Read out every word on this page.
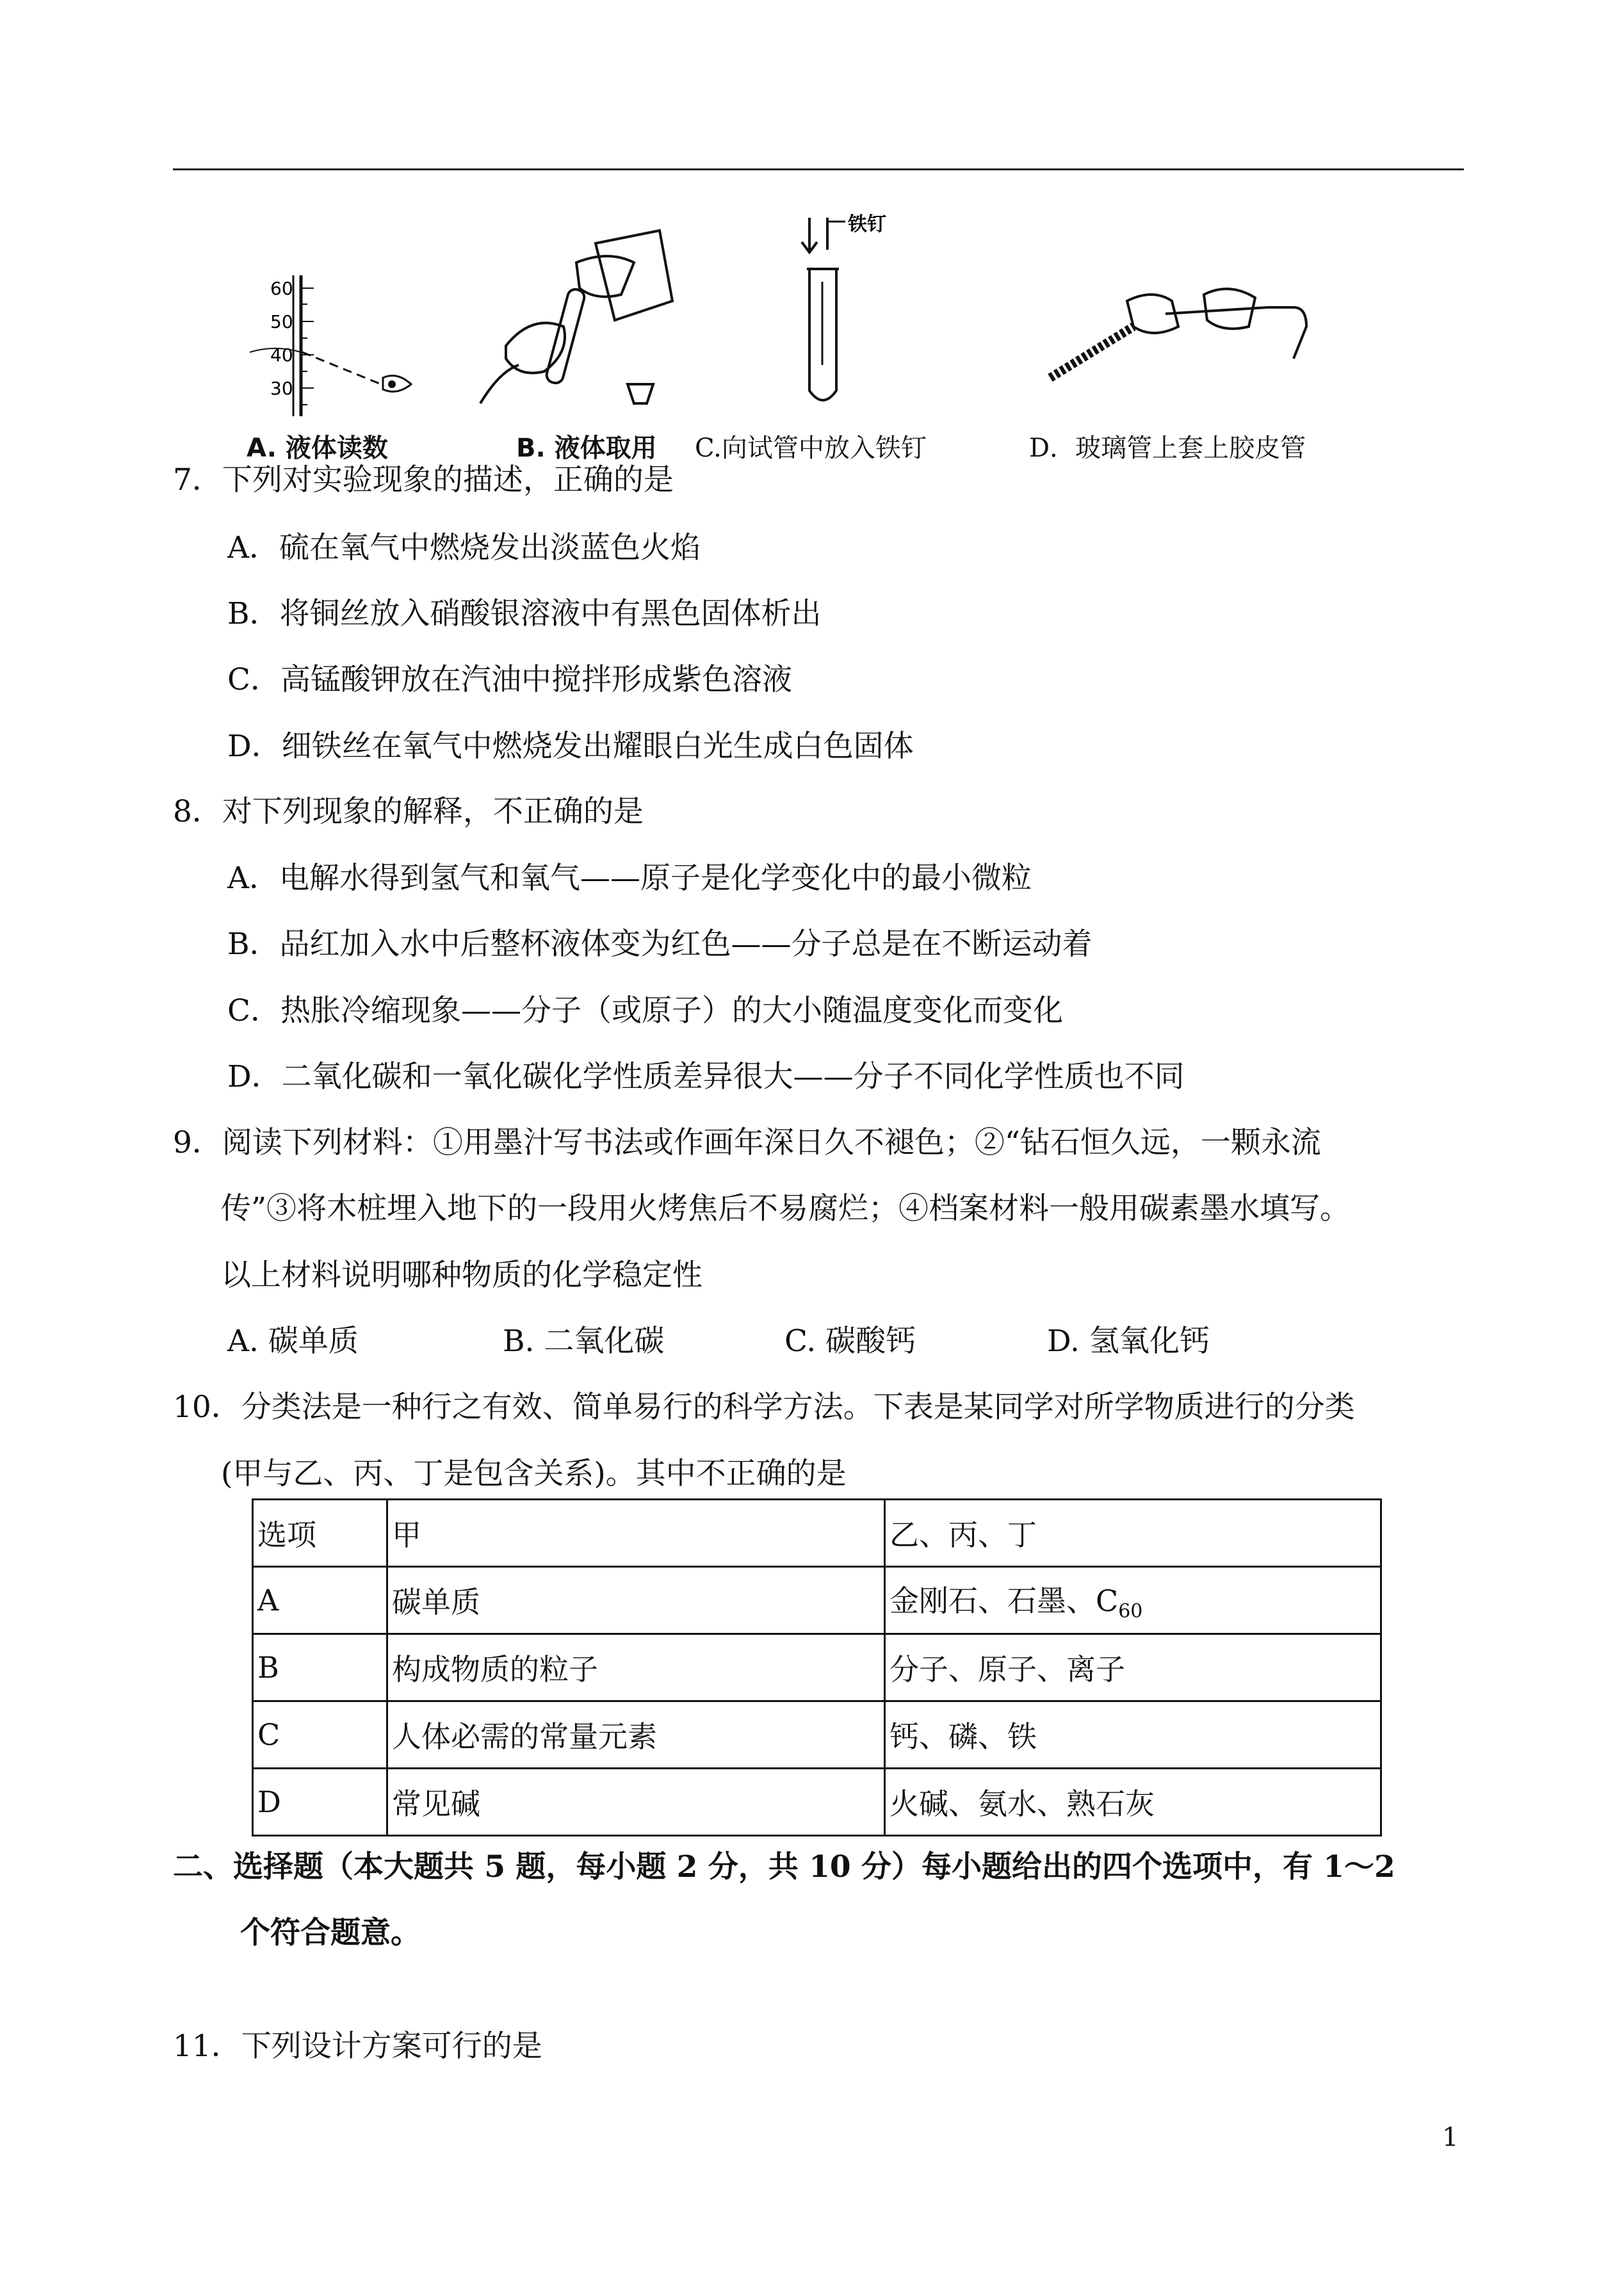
60
50
40
30
A. 液体读数	B. 液体取用
铁钉
C.向试管中放入铁钉	D．玻璃管上套上胶皮管
7．下列对实验现象的描述，正确的是
A．硫在氧气中燃烧发出淡蓝色火焰
B．将铜丝放入硝酸银溶液中有黑色固体析出
C．高锰酸钾放在汽油中搅拌形成紫色溶液
D．细铁丝在氧气中燃烧发出耀眼白光生成白色固体
8．对下列现象的解释，不正确的是
A．电解水得到氢气和氧气——原子是化学变化中的最小微粒
B．品红加入水中后整杯液体变为红色——分子总是在不断运动着
C．热胀冷缩现象——分子（或原子）的大小随温度变化而变化
D．二氧化碳和一氧化碳化学性质差异很大——分子不同化学性质也不同
9．阅读下列材料：①用墨汁写书法或作画年深日久不褪色；②“钻石恒久远，一颗永流
传”③将木桩埋入地下的一段用火烤焦后不易腐烂；④档案材料一般用碳素墨水填写。
以上材料说明哪种物质的化学稳定性
A. 碳单质	B. 二氧化碳	C. 碳酸钙	D. 氢氧化钙
10．分类法是一种行之有效、简单易行的科学方法。下表是某同学对所学物质进行的分类
(甲与乙、丙、丁是包含关系)。其中不正确的是
选项	甲	乙、丙、丁
A	碳单质	金刚石、石墨、$C_{60}$
B	构成物质的粒子	分子、原子、离子
C	人体必需的常量元素	钙、磷、铁
D	常见碱	火碱、氨水、熟石灰
二、选择题（本大题共 5 题，每小题 2 分，共 10 分）每小题给出的四个选项中，有 1～2
个符合题意。
11．下列设计方案可行的是
1
